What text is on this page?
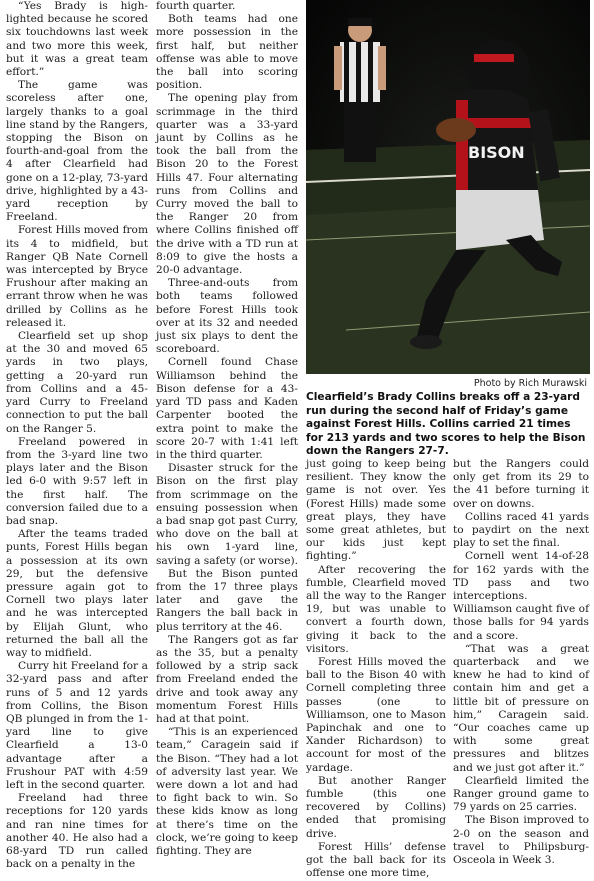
“Yes Brady is high-lighted because he scored six touchdowns last week and two more this week, but it was a great team effort.”

The game was scoreless after one, largely thanks to a goal line stand by the Rangers, stopping the Bison on fourth-and-goal from the 4 after Clearfield had gone on a 12-play, 73-yard drive, highlighted by a 43-yard reception by Freeland.

Forest Hills moved from its 4 to midfield, but Ranger QB Nate Cornell was intercepted by Bryce Frushour after making an errant throw when he was drilled by Collins as he released it.

Clearfield set up shop at the 30 and moved 65 yards in two plays, getting a 20-yard run from Collins and a 45-yard Curry to Freeland connection to put the ball on the Ranger 5.

Freeland powered in from the 3-yard line two plays later and the Bison led 6-0 with 9:57 left in the first half. The conversion failed due to a bad snap.

After the teams traded punts, Forest Hills began a possession at its own 29, but the defensive pressure again got to Cornell two plays later and he was intercepted by Elijah Glunt, who returned the ball all the way to midfield.

Curry hit Freeland for a 32-yard pass and after runs of 5 and 12 yards from Collins, the Bison QB plunged in from the 1-yard line to give Clearfield a 13-0 advantage after a Frushour PAT with 4:59 left in the second quarter.

Freeland had three receptions for 120 yards and ran nine times for another 40. He also had a 68-yard TD run called back on a penalty in the

fourth quarter.

Both teams had one more possession in the first half, but neither offense was able to move the ball into scoring position.

The opening play from scrimmage in the third quarter was a 33-yard jaunt by Collins as he took the ball from the Bison 20 to the Forest Hills 47. Four alternating runs from Collins and Curry moved the ball to the Ranger 20 from where Collins finished off the drive with a TD run at 8:09 to give the hosts a 20-0 advantage.

Three-and-outs from both teams followed before Forest Hills took over at its 32 and needed just six plays to dent the scoreboard.

Cornell found Chase Williamson behind the Bison defense for a 43-yard TD pass and Kaden Carpenter booted the extra point to make the score 20-7 with 1:41 left in the third quarter.

Disaster struck for the Bison on the first play from scrimmage on the ensuing possession when a bad snap got past Curry, who dove on the ball at his own 1-yard line, saving a safety (or worse).

But the Bison punted from the 17 three plays later and gave the Rangers the ball back in plus territory at the 46.

The Rangers got as far as the 35, but a penalty followed by a strip sack from Freeland ended the drive and took away any momentum Forest Hills had at that point.

“This is an experienced team,” Caragein said if the Bison. “They had a lot of adversity last year. We were down a lot and had to fight back to win. So these kids know as long at there’s time on the clock, we’re going to keep fighting. They are

BISON
Photo by Rich Murawski
Clearfield’s Brady Collins breaks off a 23-yard run during the second half of Friday’s game against Forest Hills. Collins carried 21 times for 213 yards and two scores to help the Bison down the Rangers 27-7.

just going to keep being resilient. They know the game is not over. Yes (Forest Hills) made some great plays, they have some great athletes, but our kids just kept fighting.”

After recovering the fumble, Clearfield moved all the way to the Ranger 19, but was unable to convert a fourth down, giving it back to the visitors.

Forest Hills moved the ball to the Bison 40 with Cornell completing three passes (one to Williamson, one to Mason Papinchak and one to Xander Richardson) to account for most of the yardage.

But another Ranger fumble (this one recovered by Collins) ended that promising drive.

Forest Hills’ defense got the ball back for its offense one more time,

but the Rangers could only get from its 29 to the 41 before turning it over on downs.

Collins raced 41 yards to paydirt on the next play to set the final.

Cornell went 14-of-28 for 162 yards with the TD pass and two interceptions. Williamson caught five of those balls for 94 yards and a score.

“That was a great quarterback and we knew he had to kind of contain him and get a little bit of pressure on him,” Caragein said. “Our coaches came up with some great pressures and blitzes and we just got after it.”

Clearfield limited the Ranger ground game to 79 yards on 25 carries.

The Bison improved to 2-0 on the season and travel to Philipsburg-Osceola in Week 3.
